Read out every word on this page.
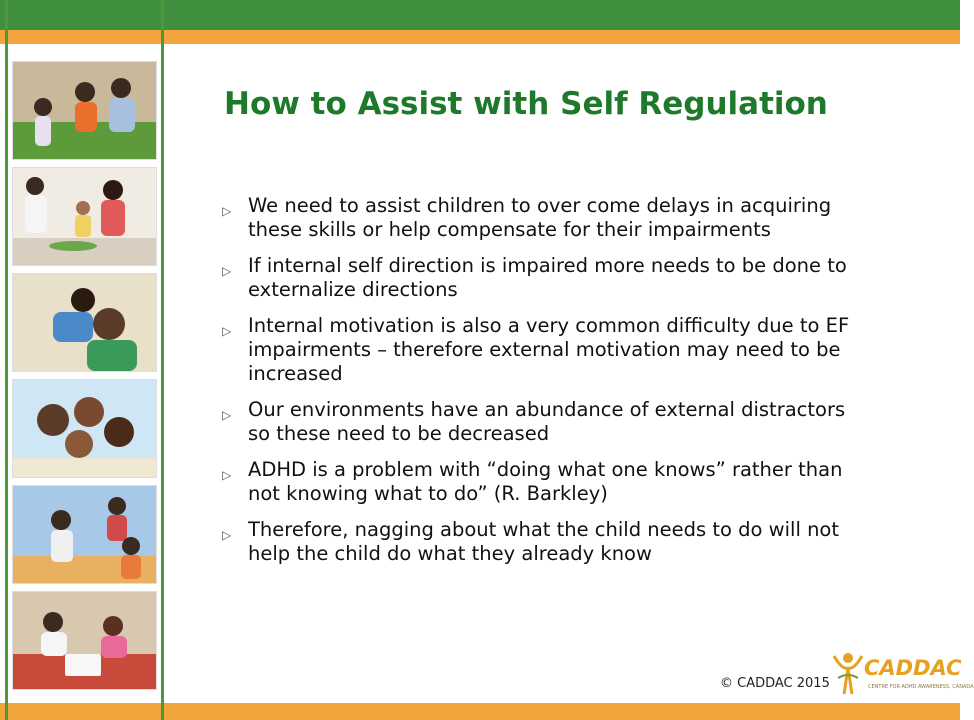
How to Assist with Self Regulation
▷ We need to assist children to over come delays in acquiring these skills or help compensate for their impairments
▷ If internal self direction is impaired more needs to be done to externalize directions
▷ Internal motivation is also a very common difficulty due to EF impairments – therefore external motivation may need to be increased
▷ Our environments have an abundance of external distractors so these need to be decreased
▷ ADHD is a problem with “doing what one knows” rather than not knowing what to do” (R. Barkley)
▷ Therefore, nagging about what the child needs to do will not help the child do what they already know
© CADDAC 2015
CADDAC
CENTRE FOR ADHD AWARENESS, CANADA
